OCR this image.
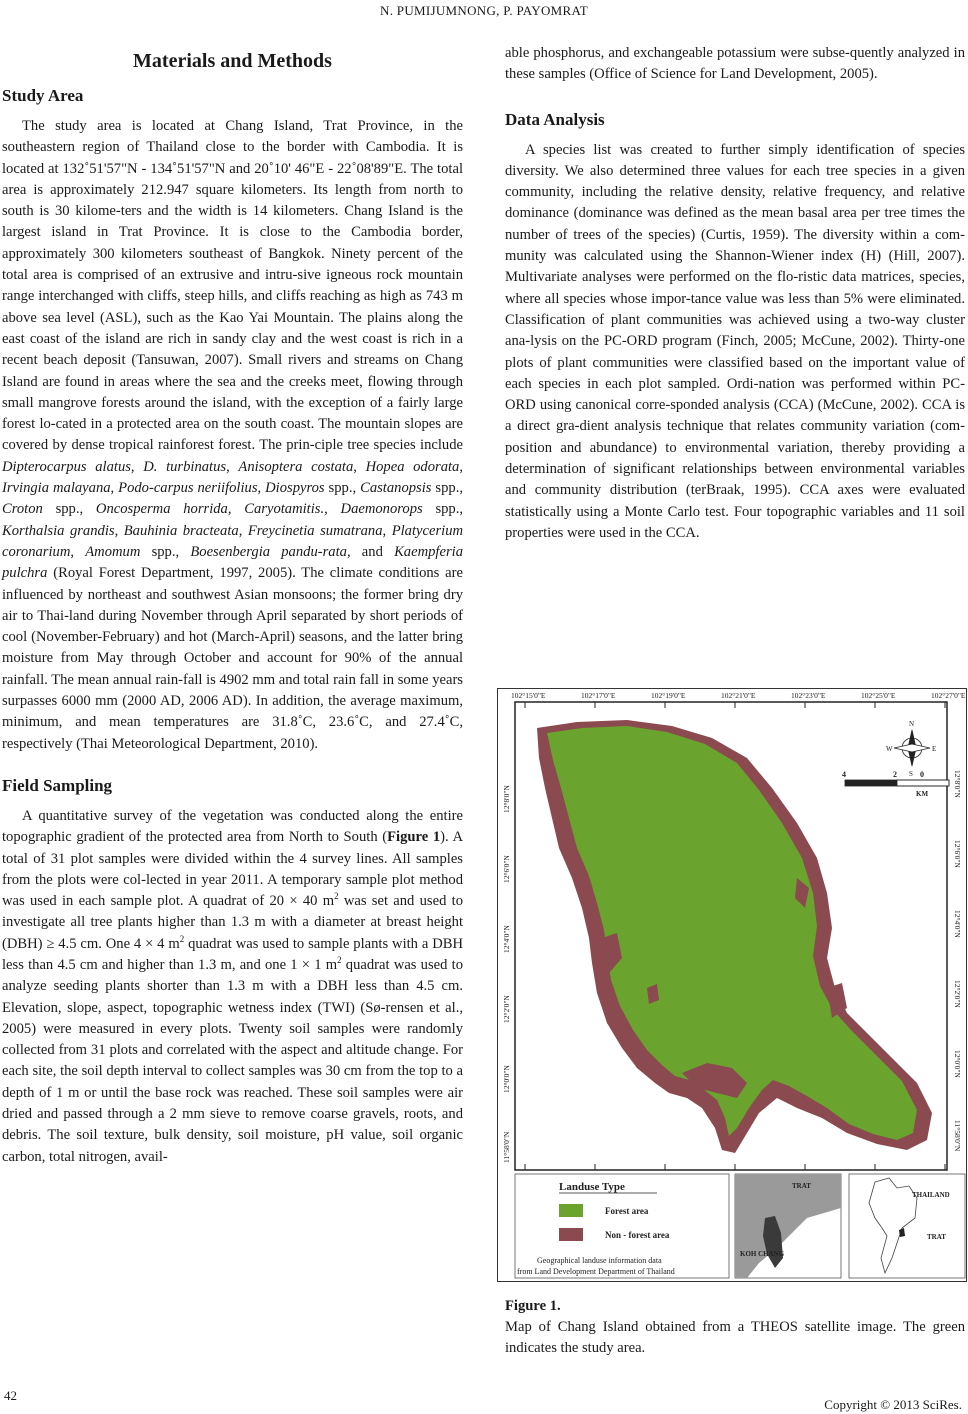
N. PUMIJUMNONG, P. PAYOMRAT
Materials and Methods
Study Area

The study area is located at Chang Island, Trat Province, in the southeastern region of Thailand close to the border with Cambodia. It is located at 132˚51'57"N - 134˚51'57"N and 20˚10' 46"E - 22˚08'89"E. The total area is approximately 212.947 square kilometers. Its length from north to south is 30 kilome-ters and the width is 14 kilometers. Chang Island is the largest island in Trat Province. It is close to the Cambodia border, approximately 300 kilometers southeast of Bangkok. Ninety percent of the total area is comprised of an extrusive and intru-sive igneous rock mountain range interchanged with cliffs, steep hills, and cliffs reaching as high as 743 m above sea level (ASL), such as the Kao Yai Mountain. The plains along the east coast of the island are rich in sandy clay and the west coast is rich in a recent beach deposit (Tansuwan, 2007). Small rivers and streams on Chang Island are found in areas where the sea and the creeks meet, flowing through small mangrove forests around the island, with the exception of a fairly large forest lo-cated in a protected area on the south coast. The mountain slopes are covered by dense tropical rainforest forest. The prin-ciple tree species include Dipterocarpus alatus, D. turbinatus, Anisoptera costata, Hopea odorata, Irvingia malayana, Podo-carpus neriifolius, Diospyros spp., Castanopsis spp., Croton spp., Oncosperma horrida, Caryotamitis., Daemonorops spp., Korthalsia grandis, Bauhinia bracteata, Freycinetia sumatrana, Platycerium coronarium, Amomum spp., Boesenbergia pandu-rata, and Kaempferia pulchra (Royal Forest Department, 1997, 2005). The climate conditions are influenced by northeast and southwest Asian monsoons; the former bring dry air to Thai-land during November through April separated by short periods of cool (November-February) and hot (March-April) seasons, and the latter bring moisture from May through October and account for 90% of the annual rainfall. The mean annual rain-fall is 4902 mm and total rain fall in some years surpasses 6000 mm (2000 AD, 2006 AD). In addition, the average maximum, minimum, and mean temperatures are 31.8˚C, 23.6˚C, and 27.4˚C, respectively (Thai Meteorological Department, 2010).

Field Sampling

A quantitative survey of the vegetation was conducted along the entire topographic gradient of the protected area from North to South (Figure 1). A total of 31 plot samples were divided within the 4 survey lines. All samples from the plots were col-lected in year 2011. A temporary sample plot method was used in each sample plot. A quadrat of 20 × 40 $m^2$ was set and used to investigate all tree plants higher than 1.3 m with a diameter at breast height (DBH) ≥ 4.5 cm. One 4 × 4 $m^2$ quadrat was used to sample plants with a DBH less than 4.5 cm and higher than 1.3 m, and one 1 × 1 $m^2$ quadrat was used to analyze seeding plants shorter than 1.3 m with a DBH less than 4.5 cm. Elevation, slope, aspect, topographic wetness index (TWI) (Sø-rensen et al., 2005) were measured in every plots. Twenty soil samples were randomly collected from 31 plots and correlated with the aspect and altitude change. For each site, the soil depth interval to collect samples was 30 cm from the top to a depth of 1 m or until the base rock was reached. These soil samples were air dried and passed through a 2 mm sieve to remove coarse gravels, roots, and debris. The soil texture, bulk density, soil moisture, pH value, soil organic carbon, total nitrogen, avail-

able phosphorus, and exchangeable potassium were subse-quently analyzed in these samples (Office of Science for Land Development, 2005).

Data Analysis

A species list was created to further simply identification of species diversity. We also determined three values for each tree species in a given community, including the relative density, relative frequency, and relative dominance (dominance was defined as the mean basal area per tree times the number of trees of the species) (Curtis, 1959). The diversity within a com-munity was calculated using the Shannon-Wiener index (H) (Hill, 2007). Multivariate analyses were performed on the flo-ristic data matrices, species, where all species whose impor-tance value was less than 5% were eliminated. Classification of plant communities was achieved using a two-way cluster ana-lysis on the PC-ORD program (Finch, 2005; McCune, 2002). Thirty-one plots of plant communities were classified based on the important value of each species in each plot sampled. Ordi-nation was performed within PC-ORD using canonical corre-sponded analysis (CCA) (McCune, 2002). CCA is a direct gra-dient analysis technique that relates community variation (com-position and abundance) to environmental variation, thereby providing a determination of significant relationships between environmental variables and community distribution (terBraak, 1995). CCA axes were evaluated statistically using a Monte Carlo test. Four topographic variables and 11 soil properties were used in the CCA.

102°15'0"E	102°17'0"E	102°19'0"E	102°21'0"E	102°23'0"E	102°25'0"E	102°27'0"E
12°8'0"N
12°6'0"N
12°4'0"N
12°2'0"N
12°0'0"N
11°58'0"N
12°8'0"N
12°6'0"N
12°4'0"N
12°2'0"N
12°0'0"N
11°58'0"N
N
S
E
W
4	2	0
KM
Landuse Type
Forest area
Non - forest area
Geographical landuse information data
from Land Development Department of Thailand
TRAT
KOH CHANG
THAILAND
TRAT
Figure 1.
Map of Chang Island obtained from a THEOS satellite image. The green indicates the study area.
42
Copyright © 2013 SciRes.
